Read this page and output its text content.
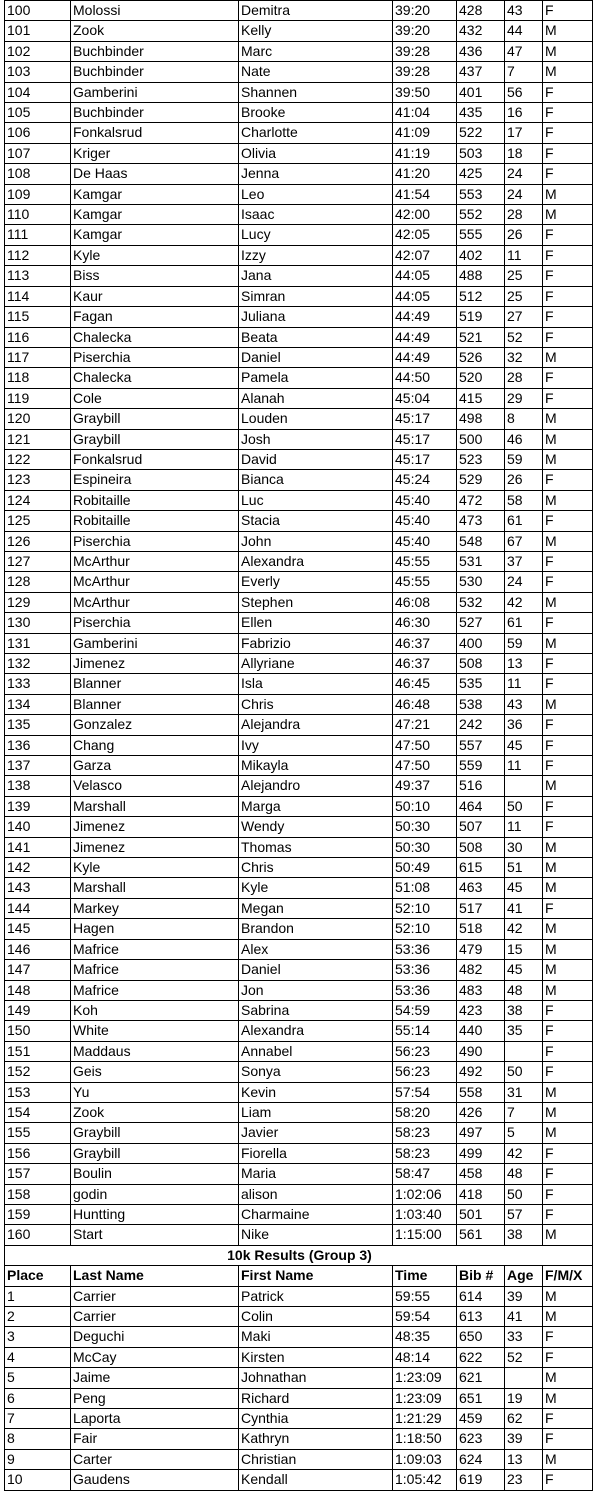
100	Molossi	Demitra	39:20	428	43	F
101	Zook	Kelly	39:20	432	44	M
102	Buchbinder	Marc	39:28	436	47	M
103	Buchbinder	Nate	39:28	437	7	M
104	Gamberini	Shannen	39:50	401	56	F
105	Buchbinder	Brooke	41:04	435	16	F
106	Fonkalsrud	Charlotte	41:09	522	17	F
107	Kriger	Olivia	41:19	503	18	F
108	De Haas	Jenna	41:20	425	24	F
109	Kamgar	Leo	41:54	553	24	M
110	Kamgar	Isaac	42:00	552	28	M
111	Kamgar	Lucy	42:05	555	26	F
112	Kyle	Izzy	42:07	402	11	F
113	Biss	Jana	44:05	488	25	F
114	Kaur	Simran	44:05	512	25	F
115	Fagan	Juliana	44:49	519	27	F
116	Chalecka	Beata	44:49	521	52	F
117	Piserchia	Daniel	44:49	526	32	M
118	Chalecka	Pamela	44:50	520	28	F
119	Cole	Alanah	45:04	415	29	F
120	Graybill	Louden	45:17	498	8	M
121	Graybill	Josh	45:17	500	46	M
122	Fonkalsrud	David	45:17	523	59	M
123	Espineira	Bianca	45:24	529	26	F
124	Robitaille	Luc	45:40	472	58	M
125	Robitaille	Stacia	45:40	473	61	F
126	Piserchia	John	45:40	548	67	M
127	McArthur	Alexandra	45:55	531	37	F
128	McArthur	Everly	45:55	530	24	F
129	McArthur	Stephen	46:08	532	42	M
130	Piserchia	Ellen	46:30	527	61	F
131	Gamberini	Fabrizio	46:37	400	59	M
132	Jimenez	Allyriane	46:37	508	13	F
133	Blanner	Isla	46:45	535	11	F
134	Blanner	Chris	46:48	538	43	M
135	Gonzalez	Alejandra	47:21	242	36	F
136	Chang	Ivy	47:50	557	45	F
137	Garza	Mikayla	47:50	559	11	F
138	Velasco	Alejandro	49:37	516		M
139	Marshall	Marga	50:10	464	50	F
140	Jimenez	Wendy	50:30	507	11	F
141	Jimenez	Thomas	50:30	508	30	M
142	Kyle	Chris	50:49	615	51	M
143	Marshall	Kyle	51:08	463	45	M
144	Markey	Megan	52:10	517	41	F
145	Hagen	Brandon	52:10	518	42	M
146	Mafrice	Alex	53:36	479	15	M
147	Mafrice	Daniel	53:36	482	45	M
148	Mafrice	Jon	53:36	483	48	M
149	Koh	Sabrina	54:59	423	38	F
150	White	Alexandra	55:14	440	35	F
151	Maddaus	Annabel	56:23	490		F
152	Geis	Sonya	56:23	492	50	F
153	Yu	Kevin	57:54	558	31	M
154	Zook	Liam	58:20	426	7	M
155	Graybill	Javier	58:23	497	5	M
156	Graybill	Fiorella	58:23	499	42	F
157	Boulin	Maria	58:47	458	48	F
158	godin	alison	1:02:06	418	50	F
159	Huntting	Charmaine	1:03:40	501	57	F
160	Start	Nike	1:15:00	561	38	M
10k Results (Group 3)						
Place	Last Name	First Name	Time	Bib #	Age	F/M/X
1	Carrier	Patrick	59:55	614	39	M
2	Carrier	Colin	59:54	613	41	M
3	Deguchi	Maki	48:35	650	33	F
4	McCay	Kirsten	48:14	622	52	F
5	Jaime	Johnathan	1:23:09	621		M
6	Peng	Richard	1:23:09	651	19	M
7	Laporta	Cynthia	1:21:29	459	62	F
8	Fair	Kathryn	1:18:50	623	39	F
9	Carter	Christian	1:09:03	624	13	M
10	Gaudens	Kendall	1:05:42	619	23	F
